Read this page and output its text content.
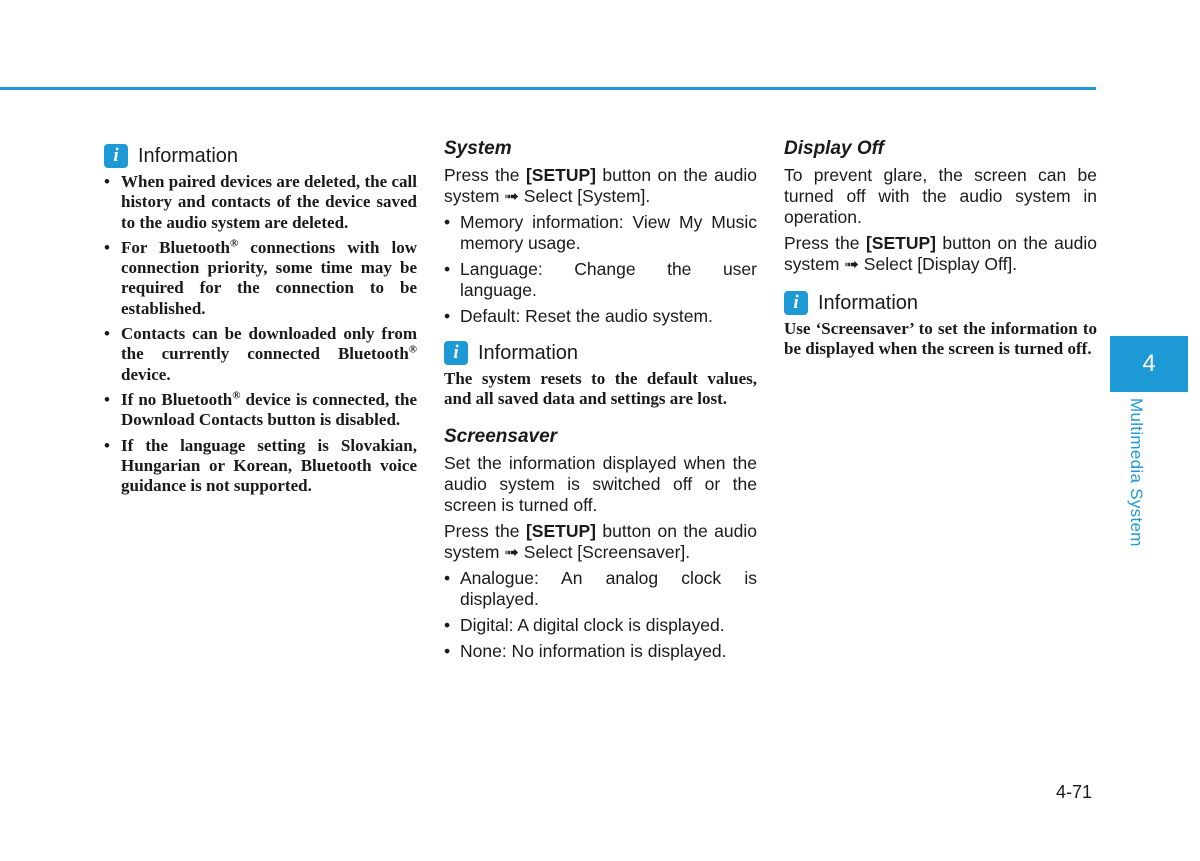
i Information
• When paired devices are deleted, the call history and contacts of the device saved to the audio system are deleted.
• For Bluetooth® connections with low connection priority, some time may be required for the connection to be established.
• Contacts can be downloaded only from the currently connected Bluetooth® device.
• If no Bluetooth® device is connected, the Download Contacts button is disabled.
• If the language setting is Slovakian, Hungarian or Korean, Bluetooth voice guidance is not supported.
System

Press the [SETUP] button on the audio system ➟ Select [System].

• Memory information: View My Music memory usage.
• Language: Change the user language.
• Default: Reset the audio system.
i Information

The system resets to the default values, and all saved data and settings are lost.

Screensaver

Set the information displayed when the audio system is switched off or the screen is turned off.

Press the [SETUP] button on the audio system ➟ Select [Screensaver].

• Analogue: An analog clock is displayed.
• Digital: A digital clock is displayed.
• None: No information is displayed.
Display Off

To prevent glare, the screen can be turned off with the audio system in operation.

Press the [SETUP] button on the audio system ➟ Select [Display Off].

i Information

Use ‘Screensaver’ to set the information to be displayed when the screen is turned off.

4
Multimedia System
4-71
